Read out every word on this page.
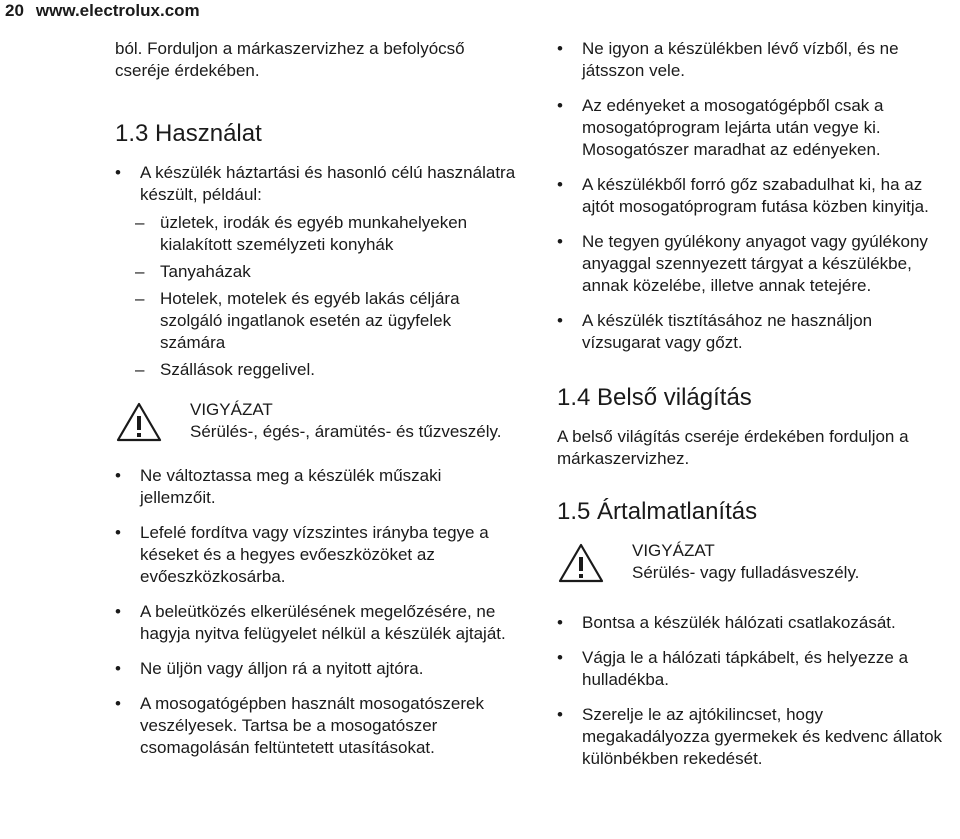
20 www.electrolux.com

ból. Forduljon a márkaszervizhez a befolyócső cseréje érdekében.

1.3 Használat
• A készülék háztartási és hasonló célú használatra készült, például:
– üzletek, irodák és egyéb munkahelyeken kialakított személyzeti konyhák
– Tanyaházak
– Hotelek, motelek és egyéb lakás céljára szolgáló ingatlanok esetén az ügyfelek számára
– Szállások reggelivel.
VIGYÁZAT
Sérülés-, égés-, áramütés- és tűzveszély.
• Ne változtassa meg a készülék műszaki jellemzőit.
• Lefelé fordítva vagy vízszintes irányba tegye a késeket és a hegyes evőeszközöket az evőeszközkosárba.
• A beleütközés elkerülésének megelőzésére, ne hagyja nyitva felügyelet nélkül a készülék ajtaját.
• Ne üljön vagy álljon rá a nyitott ajtóra.
• A mosogatógépben használt mosogatószerek veszélyesek. Tartsa be a mosogatószer csomagolásán feltüntetett utasításokat.
• Ne igyon a készülékben lévő vízből, és ne játsszon vele.
• Az edényeket a mosogatógépből csak a mosogatóprogram lejárta után vegye ki. Mosogatószer maradhat az edényeken.
• A készülékből forró gőz szabadulhat ki, ha az ajtót mosogatóprogram futása közben kinyitja.
• Ne tegyen gyúlékony anyagot vagy gyúlékony anyaggal szennyezett tárgyat a készülékbe, annak közelébe, illetve annak tetejére.
• A készülék tisztításához ne használjon vízsugarat vagy gőzt.
1.4 Belső világítás

A belső világítás cseréje érdekében forduljon a márkaszervizhez.

1.5 Ártalmatlanítás
VIGYÁZAT
Sérülés- vagy fulladásveszély.
• Bontsa a készülék hálózati csatlakozását.
• Vágja le a hálózati tápkábelt, és helyezze a hulladékba.
• Szerelje le az ajtókilincset, hogy megakadályozza gyermekek és kedvenc állatok különbékben rekedését.
